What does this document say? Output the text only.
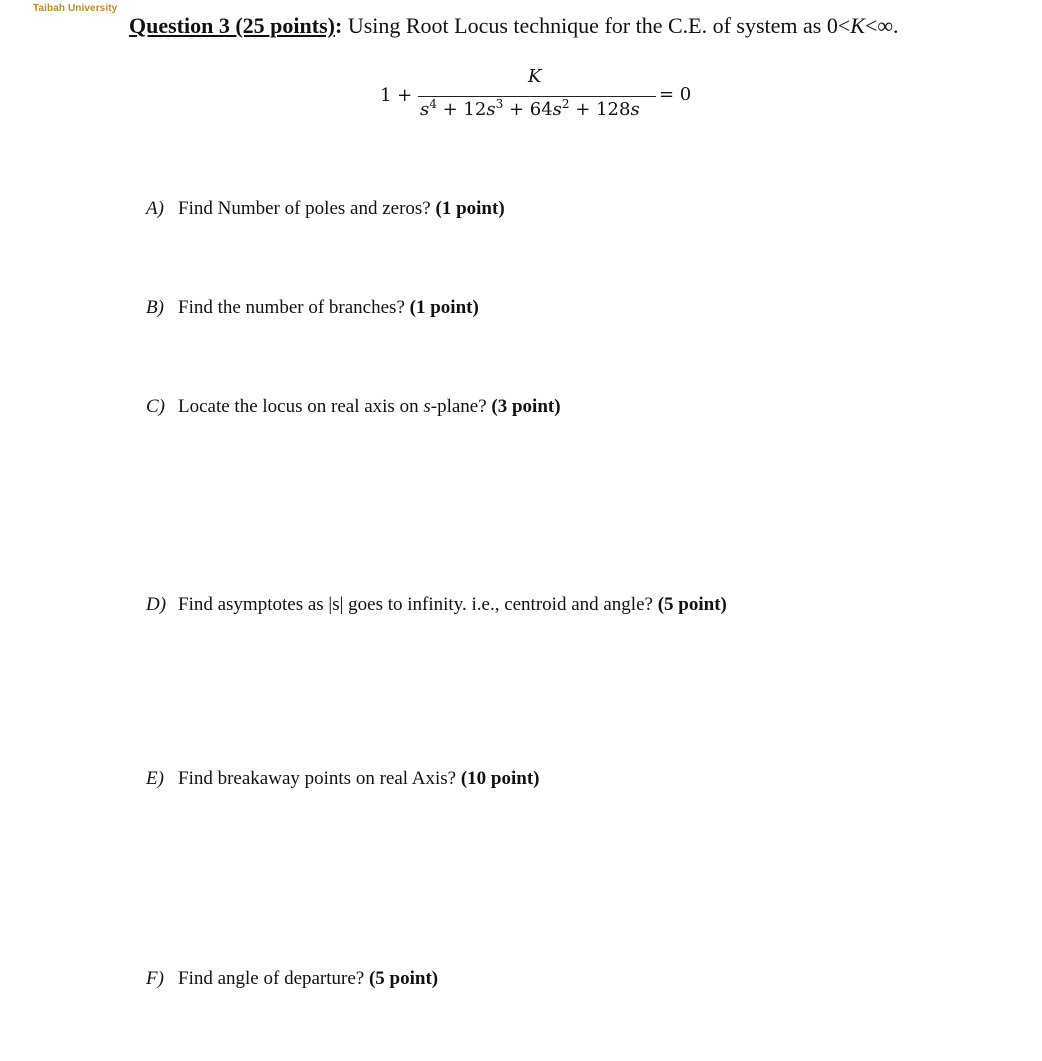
Taibah University
Question 3 (25 points): Using Root Locus technique for the C.E. of system as 0<K<∞.
1 +
K
$s^4 + 12s^3 + 64s^2 + 128s$
= 0
A) Find Number of poles and zeros? (1 point)
B) Find the number of branches? (1 point)
C) Locate the locus on real axis on s-plane? (3 point)
D) Find asymptotes as |s| goes to infinity. i.e., centroid and angle? (5 point)
E) Find breakaway points on real Axis? (10 point)
F) Find angle of departure? (5 point)
